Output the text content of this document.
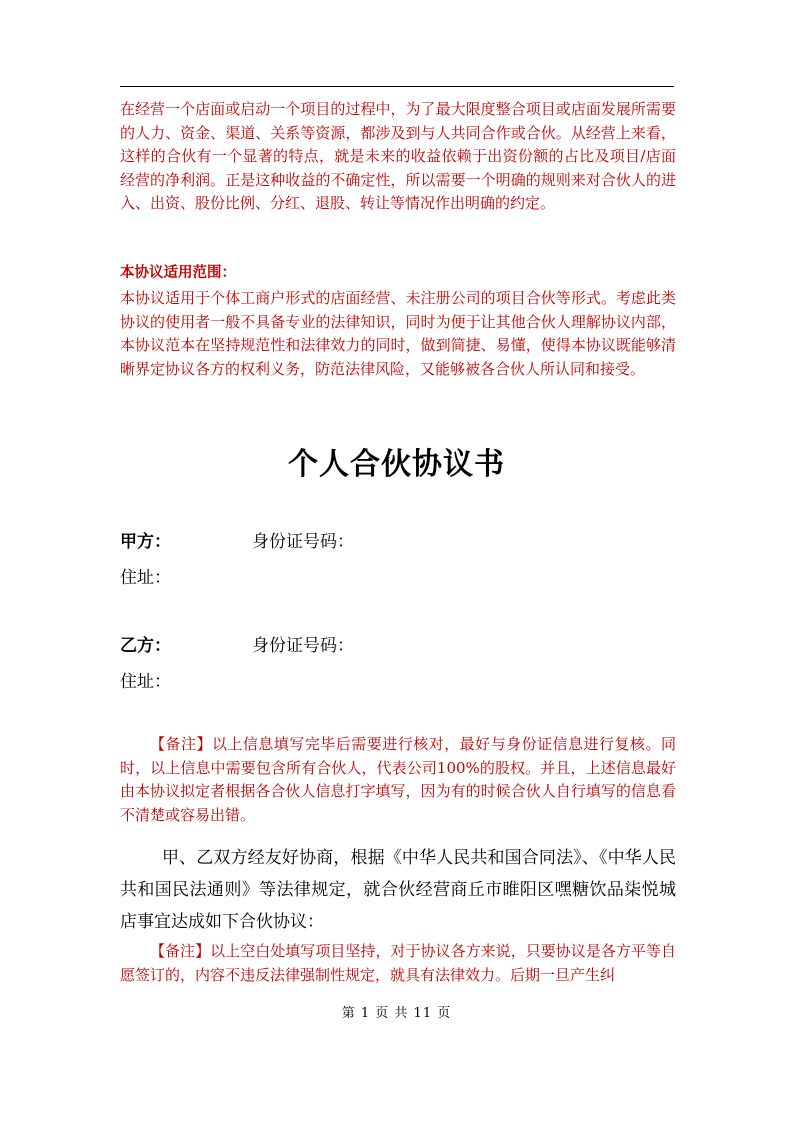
在经营一个店面或启动一个项目的过程中，为了最大限度整合项目或店面发展所需要的人力、资金、渠道、关系等资源，都涉及到与人共同合作或合伙。从经营上来看，这样的合伙有一个显著的特点，就是未来的收益依赖于出资份额的占比及项目/店面经营的净利润。正是这种收益的不确定性，所以需要一个明确的规则来对合伙人的进入、出资、股份比例、分红、退股、转让等情况作出明确的约定。

本协议适用范围：

本协议适用于个体工商户形式的店面经营、未注册公司的项目合伙等形式。考虑此类协议的使用者一般不具备专业的法律知识，同时为便于让其他合伙人理解协议内部，本协议范本在坚持规范性和法律效力的同时，做到简捷、易懂，使得本协议既能够清晰界定协议各方的权利义务，防范法律风险，又能够被各合伙人所认同和接受。

个人合伙协议书

甲方：	身份证号码：

住址：

乙方：	身份证号码：

住址：

【备注】以上信息填写完毕后需要进行核对，最好与身份证信息进行复核。同时，以上信息中需要包含所有合伙人，代表公司100%的股权。并且，上述信息最好由本协议拟定者根据各合伙人信息打字填写，因为有的时候合伙人自行填写的信息看不清楚或容易出错。

甲、乙双方经友好协商，根据《中华人民共和国合同法》、《中华人民共和国民法通则》等法律规定，就合伙经营商丘市睢阳区嘿糖饮品柒悦城店事宜达成如下合伙协议：

【备注】以上空白处填写项目坚持，对于协议各方来说，只要协议是各方平等自愿签订的，内容不违反法律强制性规定，就具有法律效力。后期一旦产生纠

第 1 页 共 11 页
